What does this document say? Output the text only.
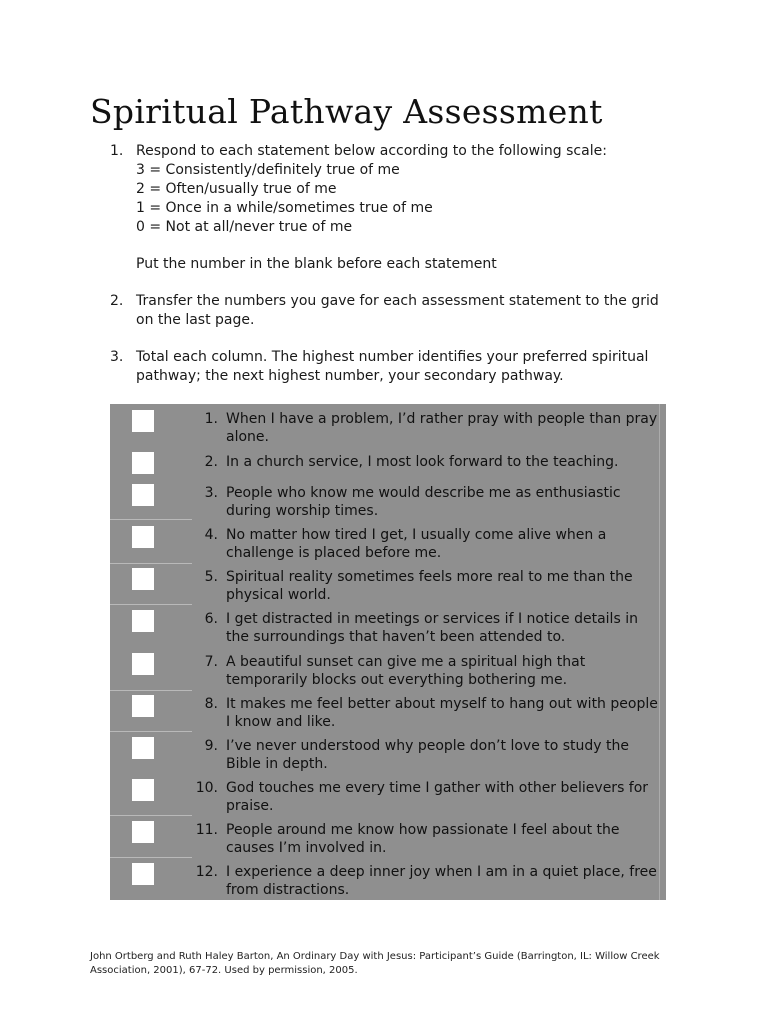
Spiritual Pathway Assessment
1. Respond to each statement below according to the following scale:
3 = Consistently/definitely true of me
2 = Often/usually true of me
1 = Once in a while/sometimes true of me
0 = Not at all/never true of me
Put the number in the blank before each statement
2. Transfer the numbers you gave for each assessment statement to the grid on the last page.
3. Total each column. The highest number identifies your preferred spiritual pathway; the next highest number, your secondary pathway.
1. When I have a problem, I’d rather pray with people than pray alone.
2. In a church service, I most look forward to the teaching.
3. People who know me would describe me as enthusiastic during worship times.
4. No matter how tired I get, I usually come alive when a challenge is placed before me.
5. Spiritual reality sometimes feels more real to me than the physical world.
6. I get distracted in meetings or services if I notice details in the surroundings that haven’t been attended to.
7. A beautiful sunset can give me a spiritual high that temporarily blocks out everything bothering me.
8. It makes me feel better about myself to hang out with people I know and like.
9. I’ve never understood why people don’t love to study the Bible in depth.
10. God touches me every time I gather with other believers for praise.
11. People around me know how passionate I feel about the causes I’m involved in.
12. I experience a deep inner joy when I am in a quiet place, free from distractions.
John Ortberg and Ruth Haley Barton, An Ordinary Day with Jesus: Participant’s Guide (Barrington, IL: Willow Creek Association, 2001), 67-72. Used by permission, 2005.
